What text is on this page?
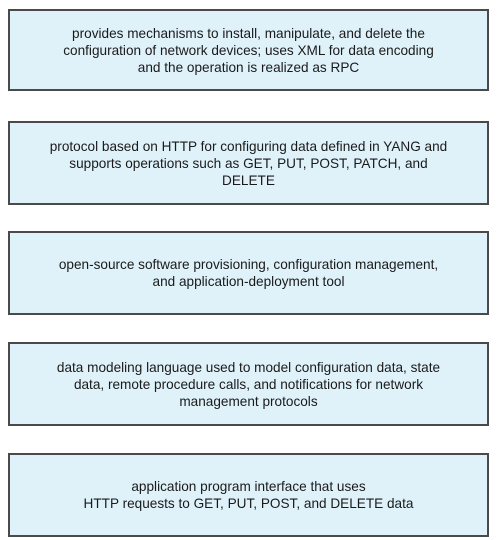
provides mechanisms to install, manipulate, and delete the
configuration of network devices; uses XML for data encoding
and the operation is realized as RPC
protocol based on HTTP for configuring data defined in YANG and
supports operations such as GET, PUT, POST, PATCH, and
DELETE
open-source software provisioning, configuration management,
and application-deployment tool
data modeling language used to model configuration data, state
data, remote procedure calls, and notifications for network
management protocols
application program interface that uses
HTTP requests to GET, PUT, POST, and DELETE data
